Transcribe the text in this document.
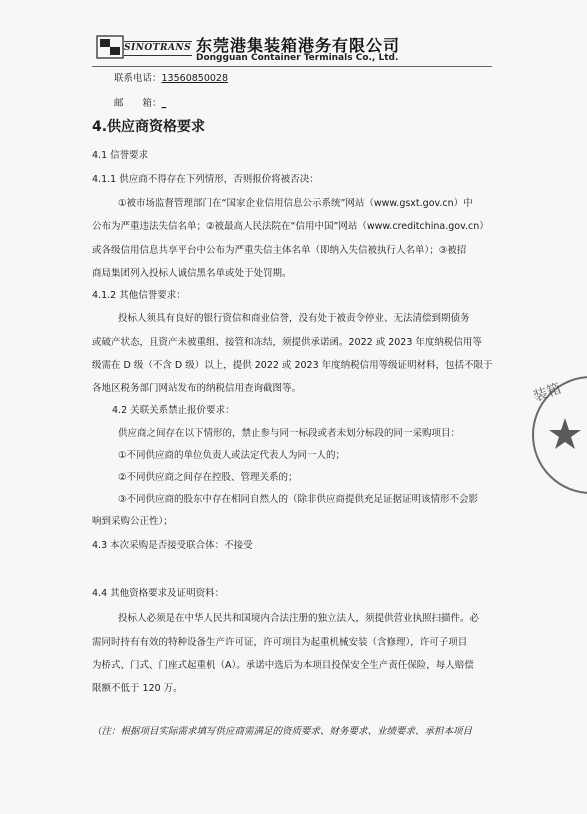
SINOTRANS 东莞港集装箱港务有限公司
Dongguan Container Terminals Co., Ltd.
联系电话：13560850028
邮　　箱：_
4.供应商资格要求
4.1 信誉要求
4.1.1 供应商不得存在下列情形，否则报价将被否决：
①被市场监督管理部门在“国家企业信用信息公示系统”网站（www.gsxt.gov.cn）中
公布为严重违法失信名单；②被最高人民法院在“信用中国”网站（www.creditchina.gov.cn）
或各级信用信息共享平台中公布为严重失信主体名单（即纳入失信被执行人名单）；③被招
商局集团列入投标人诚信黑名单或处于处罚期。
4.1.2 其他信誉要求：
投标人须具有良好的银行资信和商业信誉，没有处于被责令停业、无法清偿到期债务
或破产状态，且资产未被重组、接管和冻结，须提供承诺函。2022 或 2023 年度纳税信用等
级需在 D 级（不含 D 级）以上，提供 2022 或 2023 年度纳税信用等级证明材料，包括不限于
各地区税务部门网站发布的纳税信用查询截图等。
4.2 关联关系禁止报价要求：
供应商之间存在以下情形的，禁止参与同一标段或者未划分标段的同一采购项目：
①不同供应商的单位负责人或法定代表人为同一人的；
②不同供应商之间存在控股、管理关系的；
③不同供应商的股东中存在相同自然人的（除非供应商提供充足证据证明该情形不会影
响到采购公正性）；
4.3 本次采购是否接受联合体：不接受
4.4 其他资格要求及证明资料：
投标人必须是在中华人民共和国境内合法注册的独立法人，须提供营业执照扫描件。必
需同时持有有效的特种设备生产许可证，许可项目为起重机械安装（含修理），许可子项目
为桥式、门式、门座式起重机（A）。承诺中选后为本项目投保安全生产责任保险，每人赔偿
限额不低于 120 万。
（注：根据项目实际需求填写供应商需满足的资质要求、财务要求、业绩要求、承担本项目
装箱
